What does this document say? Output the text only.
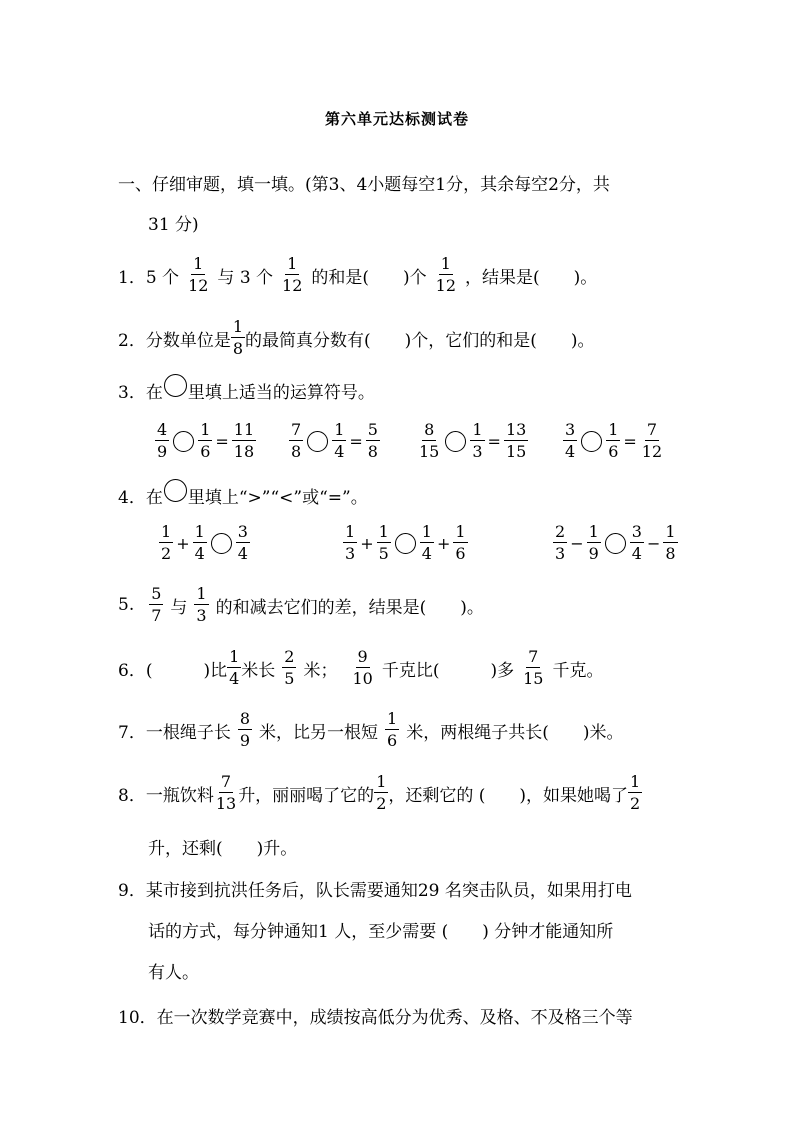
第六单元达标测试卷
一、仔细审题，填一填。(第3、4小题每空1分，其余每空2分，共
31 分)
1． 5 个 $\frac{1}{12}$ 与 3 个 $\frac{1}{12}$ 的和是(　　)个 $\frac{1}{12}$ ，结果是(　　)。
2． 分数单位是 $\frac{1}{8}$ 的最简真分数有(　　)个，它们的和是(　　)。
3． 在 里填上适当的运算符号。
$\frac{4}{9} \frac{1}{6} = \frac{11}{18} \frac{7}{8} \frac{1}{4} = \frac{5}{8} \frac{8}{15} \frac{1}{3} = \frac{13}{15} \frac{3}{4} \frac{1}{6} = \frac{7}{12}$
4． 在 里填上“>”“<”或“=”。
$\frac{1}{2} + \frac{1}{4} \frac{3}{4}$	$\frac{1}{3} + \frac{1}{5} \frac{1}{4} + \frac{1}{6}$	$\frac{2}{3} - \frac{1}{9} \frac{3}{4} - \frac{1}{8}$
5. $\frac{5}{7}$ 与 $\frac{1}{3}$ 的和减去它们的差，结果是(　　)。
6． (　　　)比 $\frac{1}{4}$ 米长 $\frac{2}{5}$ 米； $\frac{9}{10}$ 千克比(　　　)多 $\frac{7}{15}$ 千克。
7． 一根绳子长 $\frac{8}{9}$ 米，比另一根短 $\frac{1}{6}$ 米，两根绳子共长(　　)米。
8． 一瓶饮料 $\frac{7}{13}$ 升，丽丽喝了它的 $\frac{1}{2}$ ，还剩它的 (　　)，如果她喝了 $\frac{1}{2}$
升，还剩(　　)升。
9． 某市接到抗洪任务后，队长需要通知29 名突击队员，如果用打电
话的方式，每分钟通知1 人，至少需要 (　　) 分钟才能通知所
有人。
10． 在一次数学竞赛中，成绩按高低分为优秀、及格、不及格三个等
